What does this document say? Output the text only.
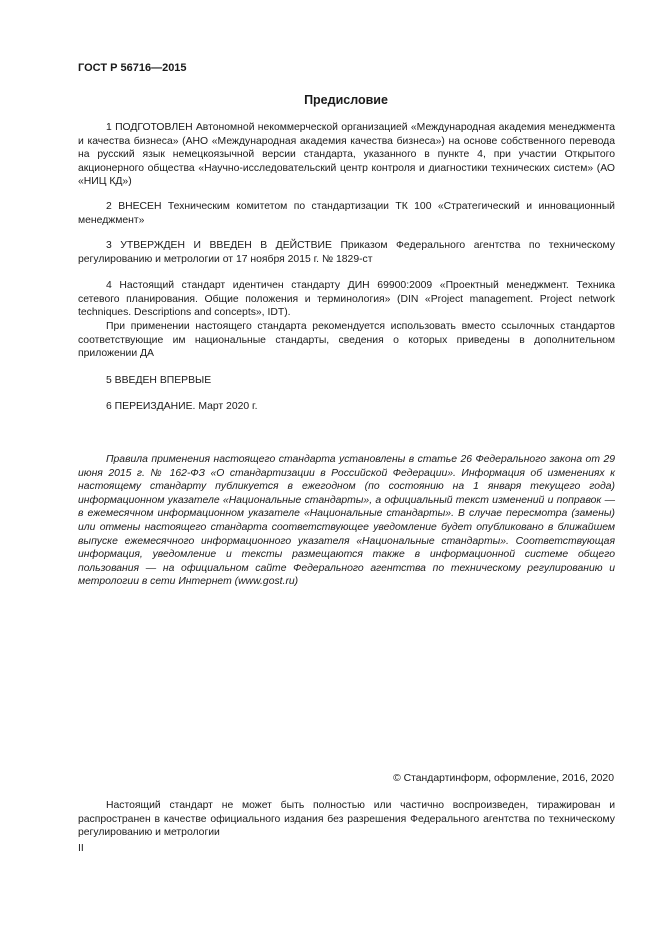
ГОСТ Р 56716—2015
Предисловие

1 ПОДГОТОВЛЕН Автономной некоммерческой организацией «Международная академия менеджмента и качества бизнеса» (АНО «Международная академия качества бизнеса») на основе собственного перевода на русский язык немецкоязычной версии стандарта, указанного в пункте 4, при участии Открытого акционерного общества «Научно-исследовательский центр контроля и диагностики технических систем» (АО «НИЦ КД»)

2 ВНЕСЕН Техническим комитетом по стандартизации ТК 100 «Стратегический и инновационный менеджмент»

3 УТВЕРЖДЕН И ВВЕДЕН В ДЕЙСТВИЕ Приказом Федерального агентства по техническому регулированию и метрологии от 17 ноября 2015 г. № 1829-ст

4 Настоящий стандарт идентичен стандарту ДИН 69900:2009 «Проектный менеджмент. Техника сетевого планирования. Общие положения и терминология» (DIN «Project management. Project network techniques. Descriptions and concepts», IDT).

При применении настоящего стандарта рекомендуется использовать вместо ссылочных стандартов соответствующие им национальные стандарты, сведения о которых приведены в дополнительном приложении ДА

5 ВВЕДЕН ВПЕРВЫЕ

6 ПЕРЕИЗДАНИЕ. Март 2020 г.

Правила применения настоящего стандарта установлены в статье 26 Федерального закона от 29 июня 2015 г. № 162-ФЗ «О стандартизации в Российской Федерации». Информация об изменениях к настоящему стандарту публикуется в ежегодном (по состоянию на 1 января текущего года) информационном указателе «Национальные стандарты», а официальный текст изменений и поправок — в ежемесячном информационном указателе «Национальные стандарты». В случае пересмотра (замены) или отмены настоящего стандарта соответствующее уведомление будет опубликовано в ближайшем выпуске ежемесячного информационного указателя «Национальные стандарты». Соответствующая информация, уведомление и тексты размещаются также в информационной системе общего пользования — на официальном сайте Федерального агентства по техническому регулированию и метрологии в сети Интернет (www.gost.ru)

© Стандартинформ, оформление, 2016, 2020

Настоящий стандарт не может быть полностью или частично воспроизведен, тиражирован и распространен в качестве официального издания без разрешения Федерального агентства по техническому регулированию и метрологии

II
